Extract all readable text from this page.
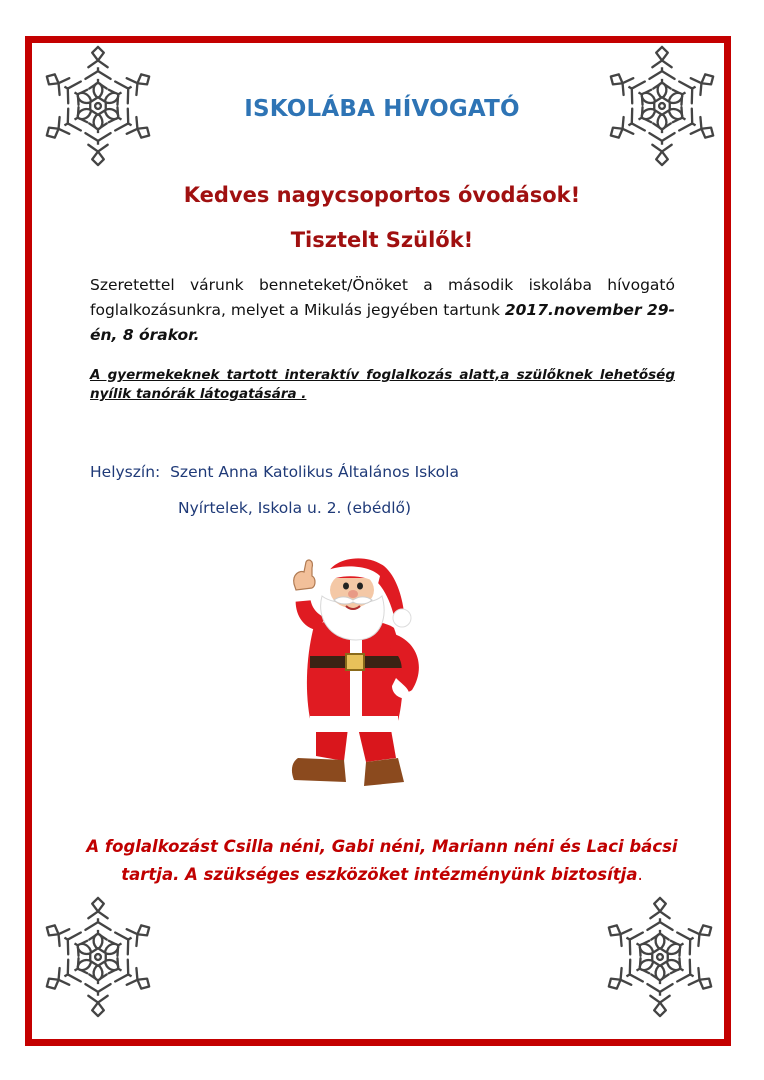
ISKOLÁBA HÍVOGATÓ
Kedves nagycsoportos óvodások!
Tisztelt Szülők!
Szeretettel várunk benneteket/Önöket a második iskolába hívogató foglalkozásunkra, melyet a Mikulás jegyében tartunk 2017.november 29-én, 8 órakor.
A gyermekeknek tartott interaktív foglalkozás alatt,a szülőknek lehetőség nyílik tanórák látogatására .
Helyszín: Szent Anna Katolikus Általános Iskola
Nyírtelek, Iskola u. 2. (ebédlő)
A foglalkozást Csilla néni, Gabi néni, Mariann néni és Laci bácsi
tartja. A szükséges eszközöket intézményünk biztosítja.
